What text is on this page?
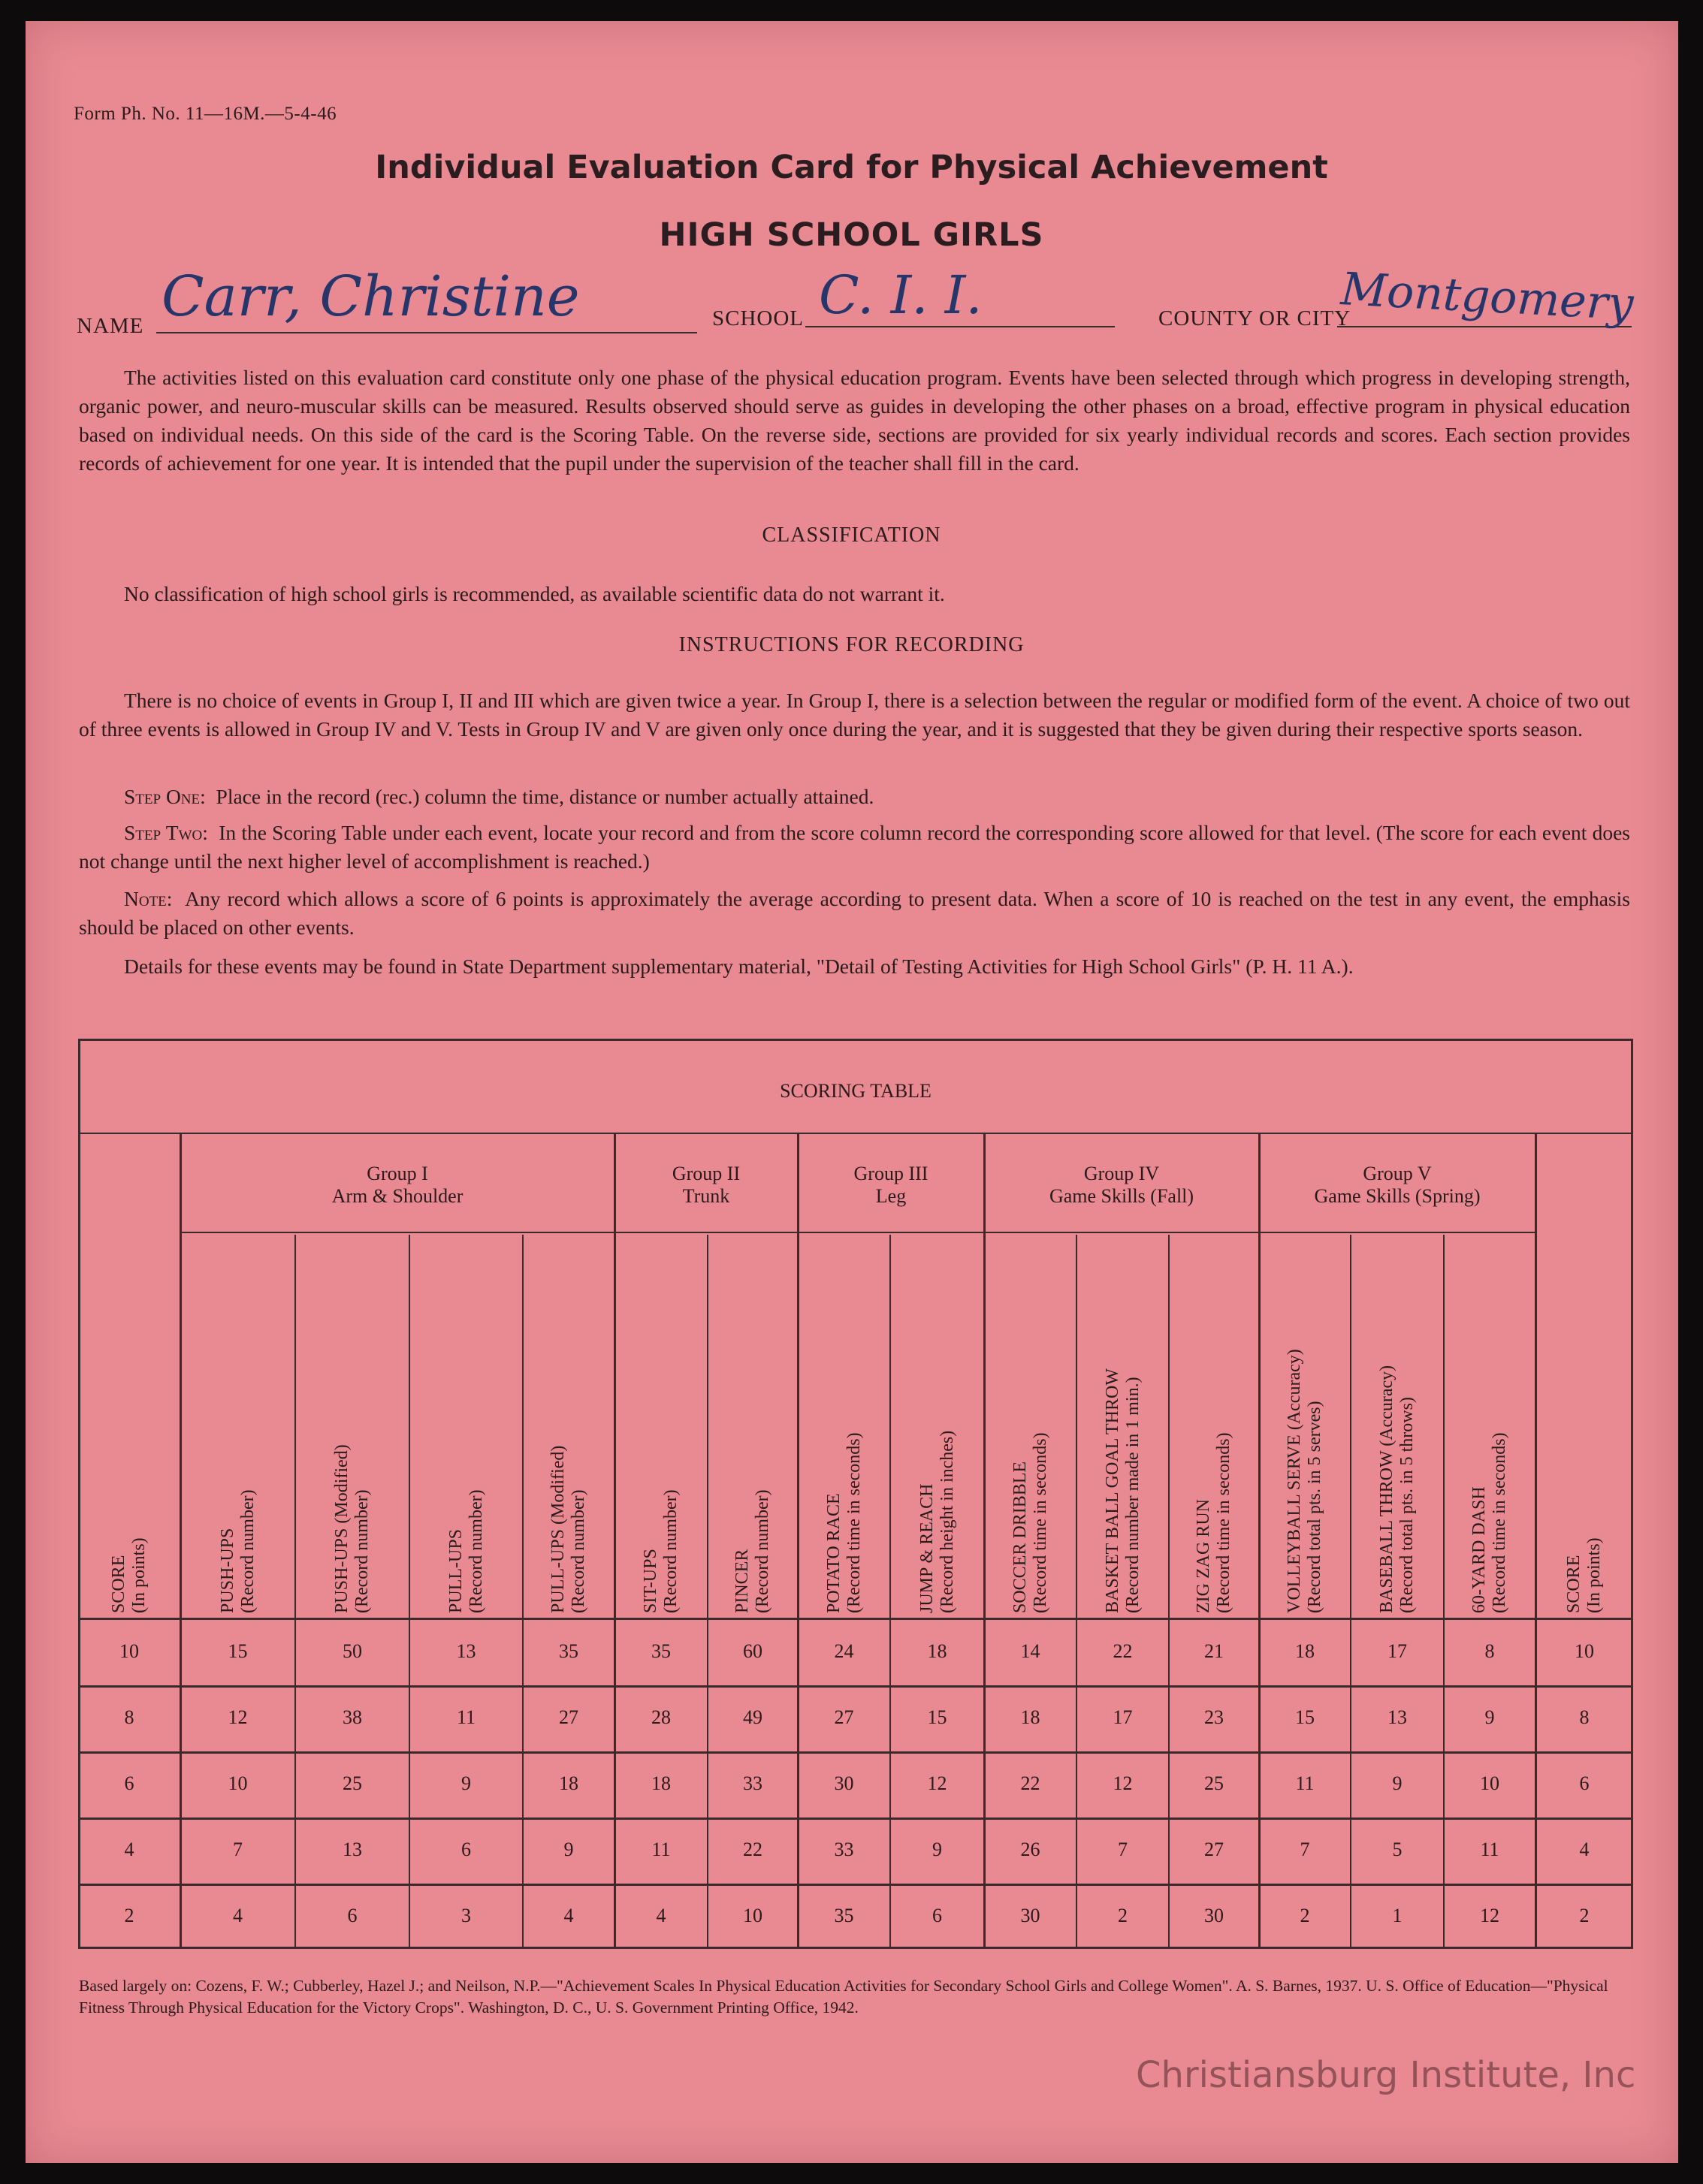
Form Ph. No. 11—16M.—5-4-46
Individual Evaluation Card for Physical Achievement
HIGH SCHOOL GIRLS
NAME Carr, Christine	SCHOOL C. I. I.	COUNTY OR CITY
Montgomery
The activities listed on this evaluation card constitute only one phase of the physical education program. Events have been selected through which progress in developing strength, organic power, and neuro-muscular skills can be measured. Results observed should serve as guides in developing the other phases on a broad, effective program in physical education based on individual needs. On this side of the card is the Scoring Table. On the reverse side, sections are provided for six yearly individual records and scores. Each section provides records of achievement for one year. It is intended that the pupil under the supervision of the teacher shall fill in the card.
CLASSIFICATION
No classification of high school girls is recommended, as available scientific data do not warrant it.
INSTRUCTIONS FOR RECORDING
There is no choice of events in Group I, II and III which are given twice a year. In Group I, there is a selection between the regular or modified form of the event. A choice of two out of three events is allowed in Group IV and V. Tests in Group IV and V are given only once during the year, and it is suggested that they be given during their respective sports season.
Step One: Place in the record (rec.) column the time, distance or number actually attained.
Step Two: In the Scoring Table under each event, locate your record and from the score column record the corresponding score allowed for that level. (The score for each event does not change until the next higher level of accomplishment is reached.)
Note: Any record which allows a score of 6 points is approximately the average according to present data. When a score of 10 is reached on the test in any event, the emphasis should be placed on other events.
Details for these events may be found in State Department supplementary material, "Detail of Testing Activities for High School Girls" (P. H. 11 A.).
SCORING TABLE
Group I
Arm & Shoulder
Group II
Trunk
Group III
Leg
Group IV
Game Skills (Fall)
Group V
Game Skills (Spring)
SCORE (In points)	PUSH-UPS (Record number)	PUSH-UPS (Modified) (Record number)	PULL-UPS (Record number)	PULL-UPS (Modified) (Record number)	SIT-UPS (Record number)	PINCER (Record number)	POTATO RACE (Record time in seconds)	JUMP & REACH (Record height in inches)	SOCCER DRIBBLE (Record time in seconds)	BASKET BALL GOAL THROW (Record number made in 1 min.)	ZIG ZAG RUN (Record time in seconds)	VOLLEYBALL SERVE (Accuracy) (Record total pts. in 5 serves)	BASEBALL THROW (Accuracy) (Record total pts. in 5 throws)	60-YARD DASH (Record time in seconds)	SCORE (In points)
10	15	50	13	35	35	60	24	18	14	22	21	18	17	8	10
8	12	38	11	27	28	49	27	15	18	17	23	15	13	9	8
6	10	25	9	18	18	33	30	12	22	12	25	11	9	10	6
4	7	13	6	9	11	22	33	9	26	7	27	7	5	11	4
2	4	6	3	4	4	10	35	6	30	2	30	2	1	12	2
Based largely on: Cozens, F. W.; Cubberley, Hazel J.; and Neilson, N.P.—"Achievement Scales In Physical Education Activities for Secondary School Girls and College Women". A. S. Barnes, 1937. U. S. Office of Education—"Physical Fitness Through Physical Education for the Victory Crops". Washington, D. C., U. S. Government Printing Office, 1942.
Christiansburg Institute, Inc
